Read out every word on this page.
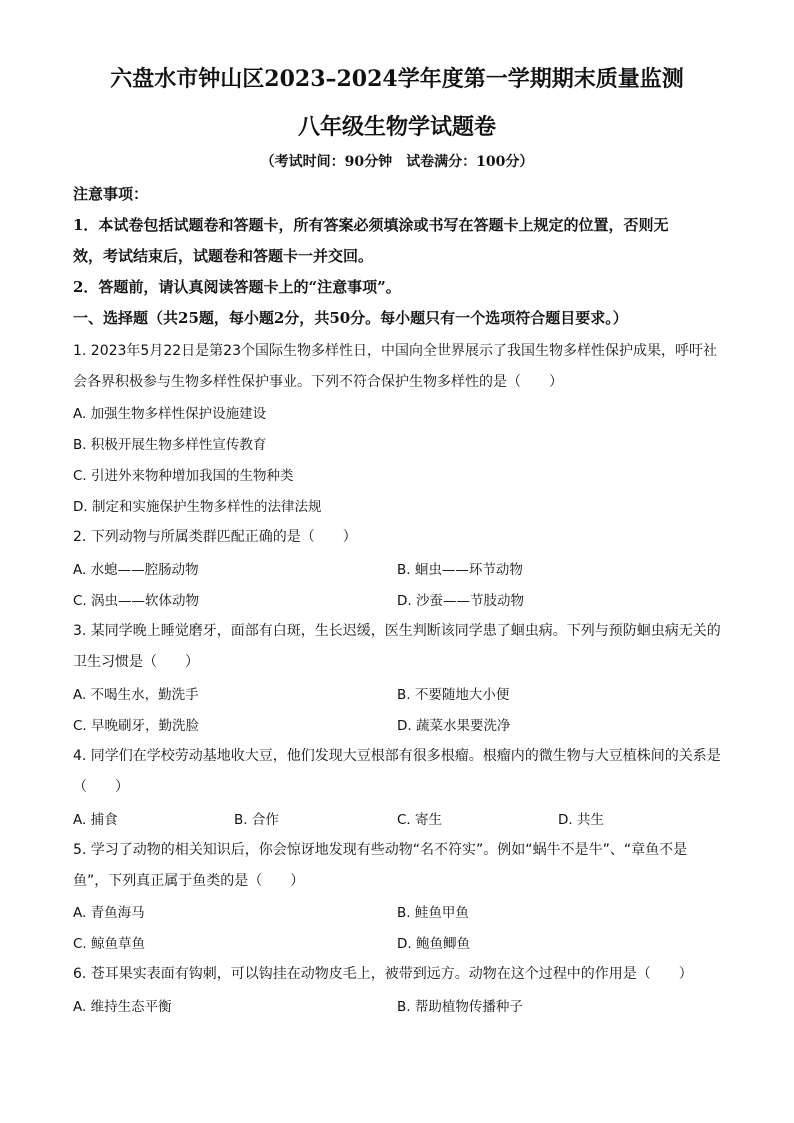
六盘水市钟山区2023–2024学年度第一学期期末质量监测
八年级生物学试题卷
（考试时间：90分钟　试卷满分：100分）
注意事项：
1．本试卷包括试题卷和答题卡，所有答案必须填涂或书写在答题卡上规定的位置，否则无
效，考试结束后，试题卷和答题卡一并交回。
2．答题前，请认真阅读答题卡上的“注意事项”。
一、选择题（共25题，每小题2分，共50分。每小题只有一个选项符合题目要求。）
1. 2023年5月22日是第23个国际生物多样性日，中国向全世界展示了我国生物多样性保护成果，呼吁社
会各界积极参与生物多样性保护事业。下列不符合保护生物多样性的是（　　）
A. 加强生物多样性保护设施建设
B. 积极开展生物多样性宣传教育
C. 引进外来物种增加我国的生物种类
D. 制定和实施保护生物多样性的法律法规
2. 下列动物与所属类群匹配正确的是（　　）
A. 水螅——腔肠动物	B. 蛔虫——环节动物
C. 涡虫——软体动物	D. 沙蚕——节肢动物
3. 某同学晚上睡觉磨牙，面部有白斑，生长迟缓，医生判断该同学患了蛔虫病。下列与预防蛔虫病无关的
卫生习惯是（　　）
A. 不喝生水，勤洗手	B. 不要随地大小便
C. 早晚刷牙，勤洗脸	D. 蔬菜水果要洗净
4. 同学们在学校劳动基地收大豆，他们发现大豆根部有很多根瘤。根瘤内的微生物与大豆植株间的关系是
（　　）
A. 捕食	B. 合作	C. 寄生	D. 共生
5. 学习了动物的相关知识后，你会惊讶地发现有些动物“名不符实”。例如“蜗牛不是牛”、“章鱼不是
鱼”，下列真正属于鱼类的是（　　）
A. 青鱼海马	B. 鲑鱼甲鱼
C. 鲸鱼草鱼	D. 鲍鱼鲫鱼
6. 苍耳果实表面有钩刺，可以钩挂在动物皮毛上，被带到远方。动物在这个过程中的作用是（　　）
A. 维持生态平衡	B. 帮助植物传播种子
